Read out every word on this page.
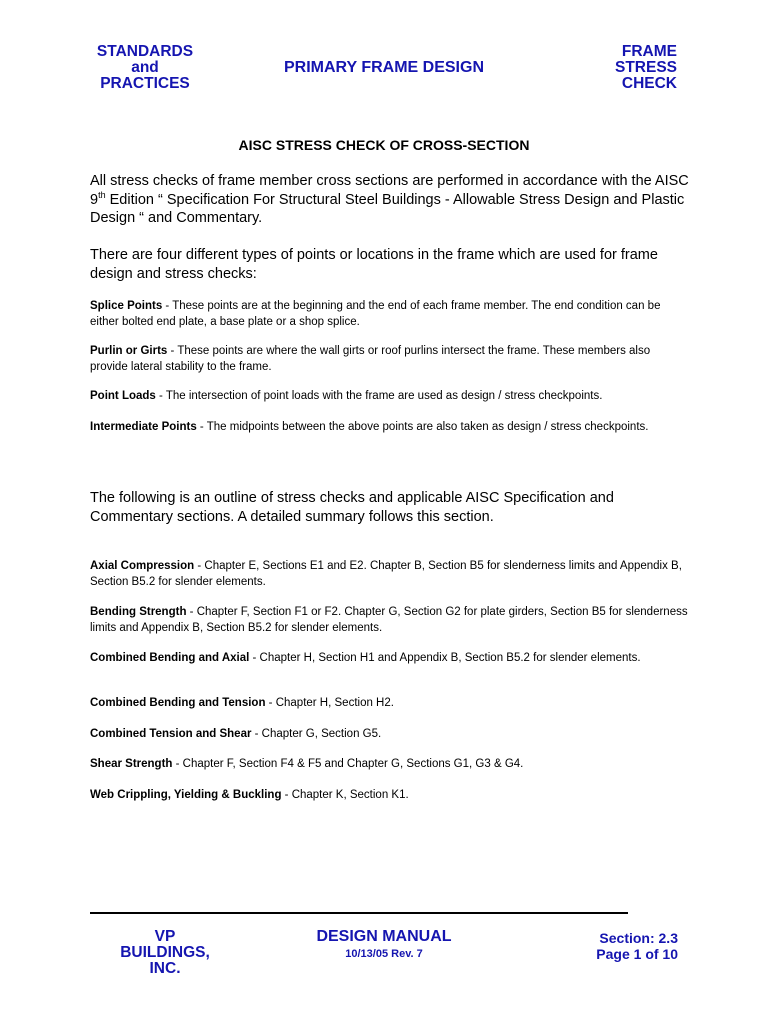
STANDARDS
and
PRACTICES
PRIMARY FRAME DESIGN
FRAME
STRESS
CHECK
AISC STRESS CHECK OF CROSS-SECTION
All stress checks of frame member cross sections are performed in accordance with the AISC 9th Edition “ Specification For Structural Steel Buildings - Allowable Stress Design and Plastic Design “ and Commentary.
There are four different types of points or locations in the frame which are used for frame design and stress checks:
Splice Points - These points are at the beginning and the end of each frame member. The end condition can be either bolted end plate, a base plate or a shop splice.
Purlin or Girts - These points are where the wall girts or roof purlins intersect the frame. These members also provide lateral stability to the frame.
Point Loads - The intersection of point loads with the frame are used as design / stress checkpoints.
Intermediate Points - The midpoints between the above points are also taken as design / stress checkpoints.
The following is an outline of stress checks and applicable AISC Specification and Commentary sections. A detailed summary follows this section.
Axial Compression - Chapter E, Sections E1 and E2. Chapter B, Section B5 for slenderness limits and Appendix B, Section B5.2 for slender elements.
Bending Strength - Chapter F, Section F1 or F2. Chapter G, Section G2 for plate girders, Section B5 for slenderness limits and Appendix B, Section B5.2 for slender elements.
Combined Bending and Axial - Chapter H, Section H1 and Appendix B, Section B5.2 for slender elements.
Combined Bending and Tension - Chapter H, Section H2.
Combined Tension and Shear - Chapter G, Section G5.
Shear Strength - Chapter F, Section F4 & F5 and Chapter G, Sections G1, G3 & G4.
Web Crippling, Yielding & Buckling - Chapter K, Section K1.
VP
BUILDINGS,
INC.
DESIGN MANUAL
10/13/05 Rev. 7
Section: 2.3
Page 1 of 10
